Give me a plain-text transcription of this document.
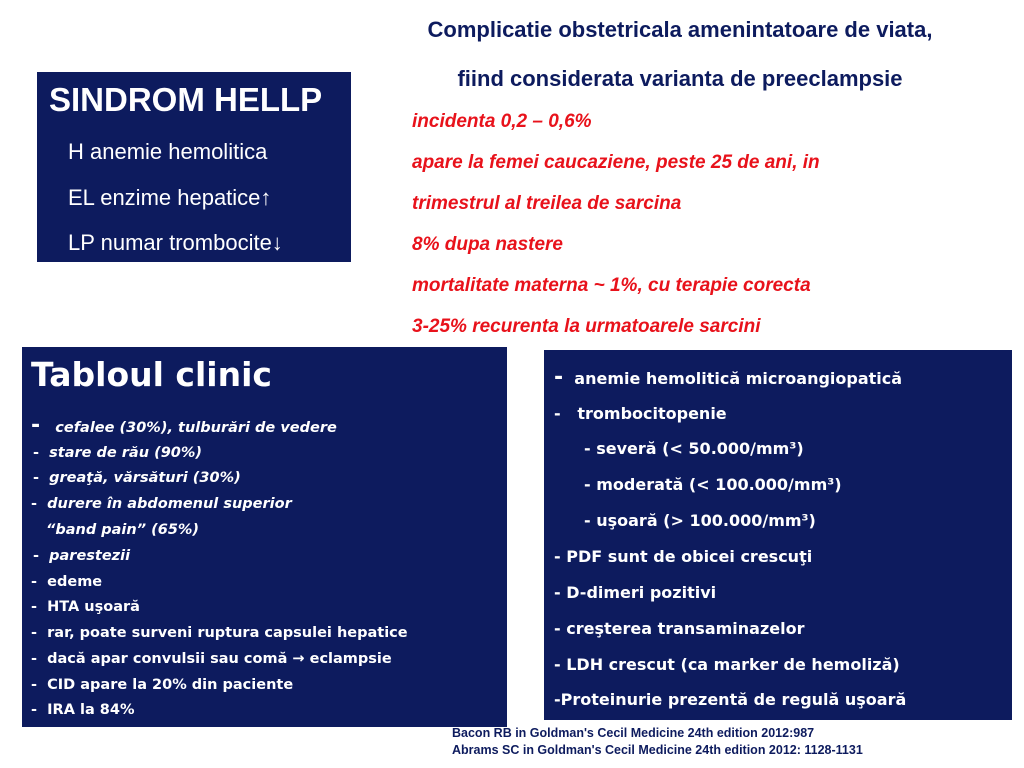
Complicatie obstetricala amenintatoare de viata,
fiind considerata varianta de preeclampsie
SINDROM HELLP
H anemie hemolitica
EL enzime hepatice↑
LP numar trombocite↓
incidenta 0,2 – 0,6%
apare la femei caucaziene, peste 25 de ani, in
trimestrul al treilea de sarcina
8% dupa nastere
mortalitate materna ~ 1%, cu terapie corecta
3-25% recurenta la urmatoarele sarcini
Tabloul clinic
- cefalee (30%), tulburări de vedere
- stare de rău (90%)
- greaţă, vărsături (30%)
- durere în abdomenul superior
“band pain” (65%)
- parestezii
- edeme
- HTA uşoară
- rar, poate surveni ruptura capsulei hepatice
- dacă apar convulsii sau comă → eclampsie
- CID apare la 20% din paciente
- IRA la 84%
- anemie hemolitică microangiopatică
- trombocitopenie
- severă (< 50.000/mm³)
- moderată (< 100.000/mm³)
- uşoară (> 100.000/mm³)
- PDF sunt de obicei crescuţi
- D-dimeri pozitivi
- creşterea transaminazelor
- LDH crescut (ca marker de hemoliză)
-Proteinurie prezentă de regulă uşoară
Bacon RB in Goldman's Cecil Medicine 24th edition 2012:987
Abrams SC in Goldman's Cecil Medicine 24th edition 2012: 1128-1131
